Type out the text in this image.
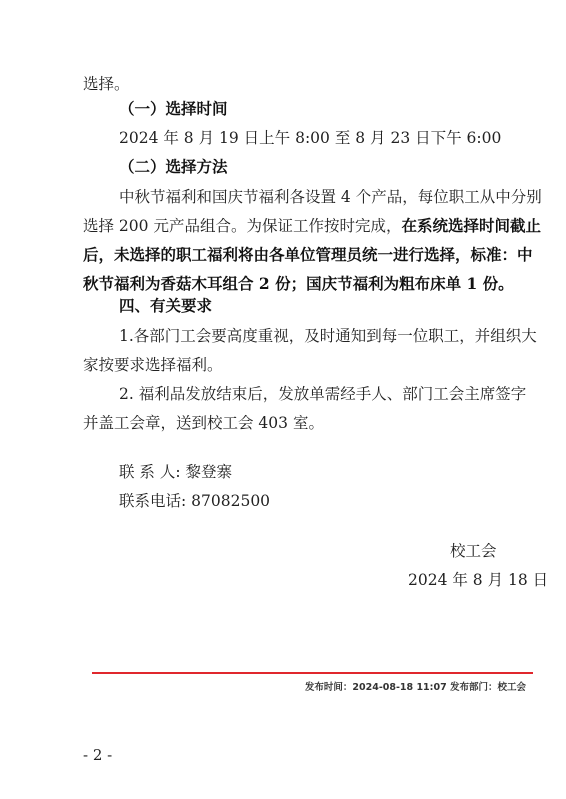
选择。
（一）选择时间
2024 年 8 月 19 日上午 8:00 至 8 月 23 日下午 6:00
（二）选择方法
中秋节福利和国庆节福利各设置 4 个产品，每位职工从中分别
选择 200 元产品组合。为保证工作按时完成，在系统选择时间截止
后，未选择的职工福利将由各单位管理员统一进行选择，标准：中
秋节福利为香菇木耳组合 2 份；国庆节福利为粗布床单 1 份。
四、有关要求
1.各部门工会要高度重视，及时通知到每一位职工，并组织大
家按要求选择福利。
2. 福利品发放结束后，发放单需经手人、部门工会主席签字
并盖工会章，送到校工会 403 室。
联 系 人: 黎登寨
联系电话: 87082500
校工会
2024 年 8 月 18 日
发布时间：2024-08-18 11:07 发布部门：校工会
- 2 -
